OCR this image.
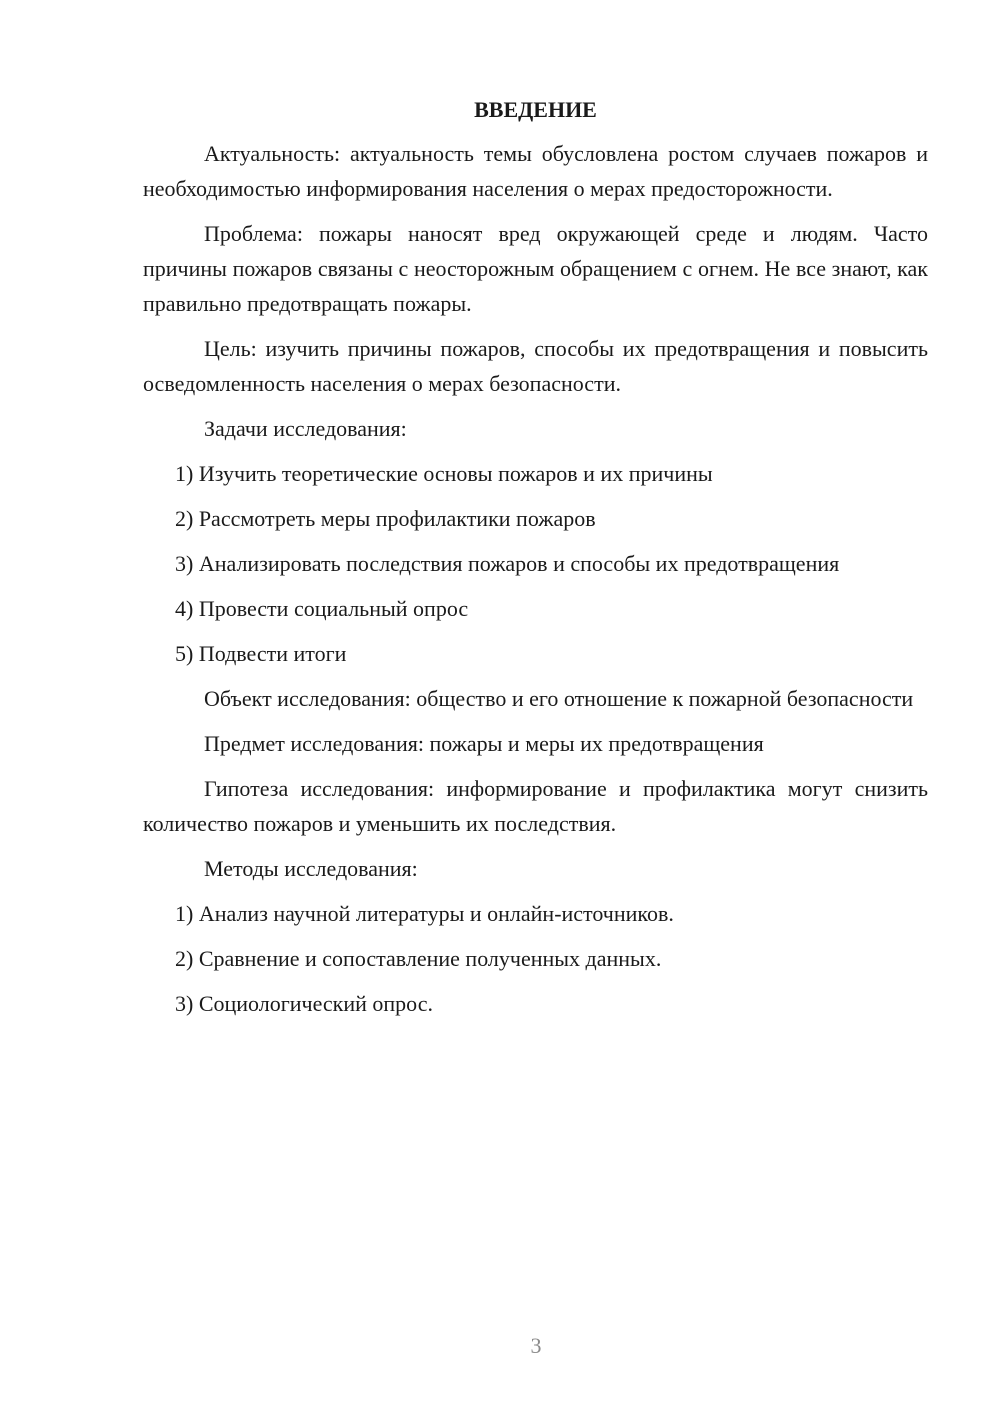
ВВЕДЕНИЕ

Актуальность: актуальность темы обусловлена ростом случаев пожаров и необходимостью информирования населения о мерах предосторожности.

Проблема: пожары наносят вред окружающей среде и людям. Часто причины пожаров связаны с неосторожным обращением с огнем. Не все знают, как правильно предотвращать пожары.

Цель: изучить причины пожаров, способы их предотвращения и повысить осведомленность населения о мерах безопасности.

Задачи исследования:

1) Изучить теоретические основы пожаров и их причины
2) Рассмотреть меры профилактики пожаров
3) Анализировать последствия пожаров и способы их предотвращения
4) Провести социальный опрос
5) Подвести итоги

Объект исследования: общество и его отношение к пожарной безопасности

Предмет исследования: пожары и меры их предотвращения

Гипотеза исследования: информирование и профилактика могут снизить количество пожаров и уменьшить их последствия.

Методы исследования:

1) Анализ научной литературы и онлайн-источников.
2) Сравнение и сопоставление полученных данных.
3) Социологический опрос.
3
